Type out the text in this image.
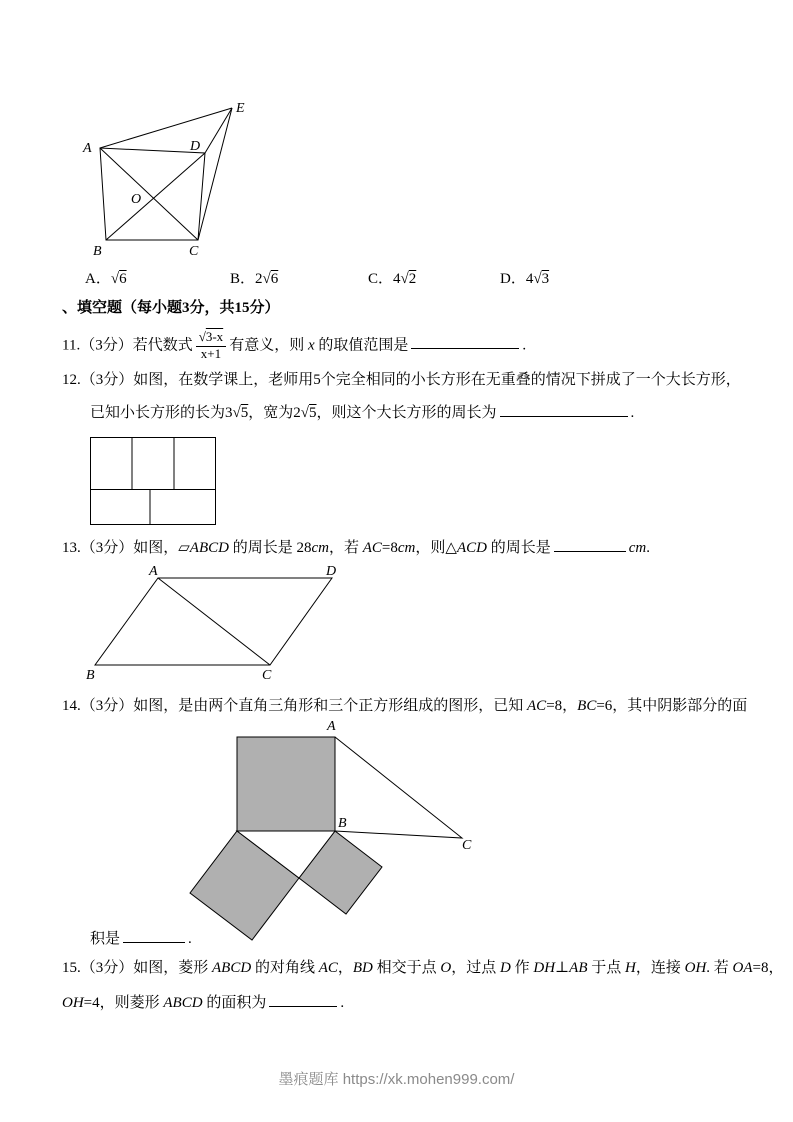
E
A	D
O
B	C
A．√6	B．2√6	C．4√2	D．4√3
、填空题（每小题3分，共15分）
11.（3分）若代数式 $\frac{√3-x}{x+1}$ 有意义，则 x 的取值范围是	.
12.（3分）如图，在数学课上，老师用5个完全相同的小长方形在无重叠的情况下拼成了一个大长方形，
已知小长方形的长为3√5，宽为2√5，则这个大长方形的周长为	.
13.（3分）如图，▱ABCD 的周长是 28cm，若 AC=8cm，则△ACD 的周长是	cm.
A	D
B	C
14.（3分）如图，是由两个直角三角形和三个正方形组成的图形，已知 AC=8，BC=6，其中阴影部分的面
A
B
C
积是	.
15.（3分）如图，菱形 ABCD 的对角线 AC，BD 相交于点 O，过点 D 作 DH⊥AB 于点 H，连接 OH. 若 OA=8，
OH=4，则菱形 ABCD 的面积为	.
墨痕题库 https://xk.mohen999.com/
